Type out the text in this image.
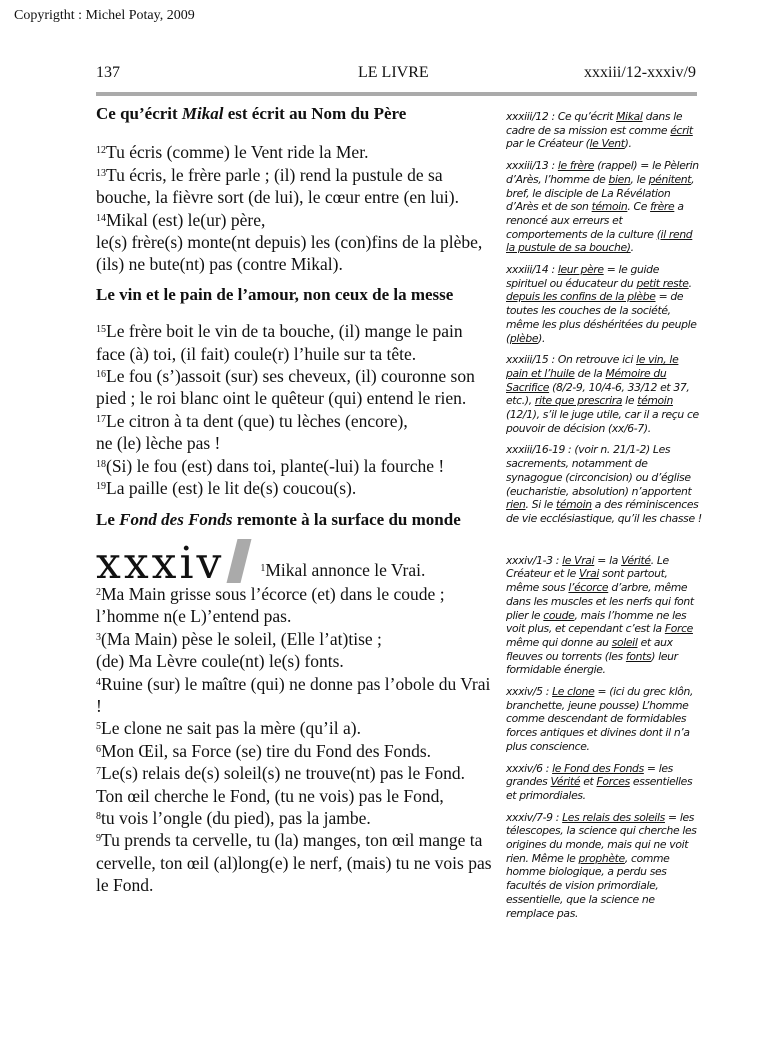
Copyrigtht : Michel Potay, 2009
137	LE LIVRE	xxxiii/12-xxxiv/9

Ce qu’écrit Mikal est écrit au Nom du Père

$^{12}$Tu écris (comme) le Vent ride la Mer.

$^{13}$Tu écris, le frère parle ; (il) rend la pustule de sa bouche, la fièvre sort (de lui), le cœur entre (en lui).

$^{14}$Mikal (est) le(ur) père,
le(s) frère(s) monte(nt depuis) les (con)fins de la plèbe, (ils) ne bute(nt) pas (contre Mikal).

Le vin et le pain de l’amour, non ceux de la messe

$^{15}$Le frère boit le vin de ta bouche, (il) mange le pain face (à) toi, (il fait) coule(r) l’huile sur ta tête.

$^{16}$Le fou (s’)assoit (sur) ses cheveux, (il) couronne son pied ; le roi blanc oint le quêteur (qui) entend le rien.

$^{17}$Le citron à ta dent (que) tu lèches (encore),
ne (le) lèche pas !

$^{18}$(Si) le fou (est) dans toi, plante(-lui) la fourche !

$^{19}$La paille (est) le lit de(s) coucou(s).

Le Fond des Fonds remonte à la surface du monde

xxxiv	$^1$Mikal annonce le Vrai.

$^2$Ma Main grisse sous l’écorce (et) dans le coude ;
l’homme n(e L)’entend pas.

$^3$(Ma Main) pèse le soleil, (Elle l’at)tise ;
(de) Ma Lèvre coule(nt) le(s) fonts.

$^4$Ruine (sur) le maître (qui) ne donne pas l’obole du Vrai !

$^5$Le clone ne sait pas la mère (qu’il a).

$^6$Mon Œil, sa Force (se) tire du Fond des Fonds.

$^7$Le(s) relais de(s) soleil(s) ne trouve(nt) pas le Fond.
Ton œil cherche le Fond, (tu ne vois) pas le Fond,

$^8$tu vois l’ongle (du pied), pas la jambe.

$^9$Tu prends ta cervelle, tu (la) manges, ton œil mange ta cervelle, ton œil (al)long(e) le nerf, (mais) tu ne vois pas le Fond.

xxxiii/12 : Ce qu’écrit Mikal dans le cadre de sa mission est comme écrit par le Créateur (le Vent).

xxxiii/13 : le frère (rappel) = le Pèlerin d’Arès, l’homme de bien, le pénitent, bref, le disciple de La Révélation d’Arès et de son témoin. Ce frère a renoncé aux erreurs et comportements de la culture (il rend la pustule de sa bouche).

xxxiii/14 : leur père = le guide spirituel ou éducateur du petit reste. depuis les confins de la plèbe = de toutes les couches de la société, même les plus déshéritées du peuple (plèbe).

xxxiii/15 : On retrouve ici le vin, le pain et l’huile de la Mémoire du Sacrifice (8/2-9, 10/4-6, 33/12 et 37, etc.), rite que prescrira le témoin (12/1), s’il le juge utile, car il a reçu ce pouvoir de décision (xx/6-7).

xxxiii/16-19 : (voir n. 21/1-2) Les sacrements, notamment de synagogue (circoncision) ou d’église (eucharistie, absolution) n’apportent rien. Si le témoin a des réminiscences de vie ecclésiastique, qu’il les chasse !

xxxiv/1-3 : le Vrai = la Vérité. Le Créateur et le Vrai sont partout, même sous l’écorce d’arbre, même dans les muscles et les nerfs qui font plier le coude, mais l’homme ne les voit plus, et cependant c’est la Force même qui donne au soleil et aux fleuves ou torrents (les fonts) leur formidable énergie.

xxxiv/5 : Le clone = (ici du grec klôn, branchette, jeune pousse) L’homme comme descendant de formidables forces antiques et divines dont il n’a plus conscience.

xxxiv/6 : le Fond des Fonds = les grandes Vérité et Forces essentielles et primordiales.

xxxiv/7-9 : Les relais des soleils = les télescopes, la science qui cherche les origines du monde, mais qui ne voit rien. Même le prophète, comme homme biologique, a perdu ses facultés de vision primordiale, essentielle, que la science ne remplace pas.
